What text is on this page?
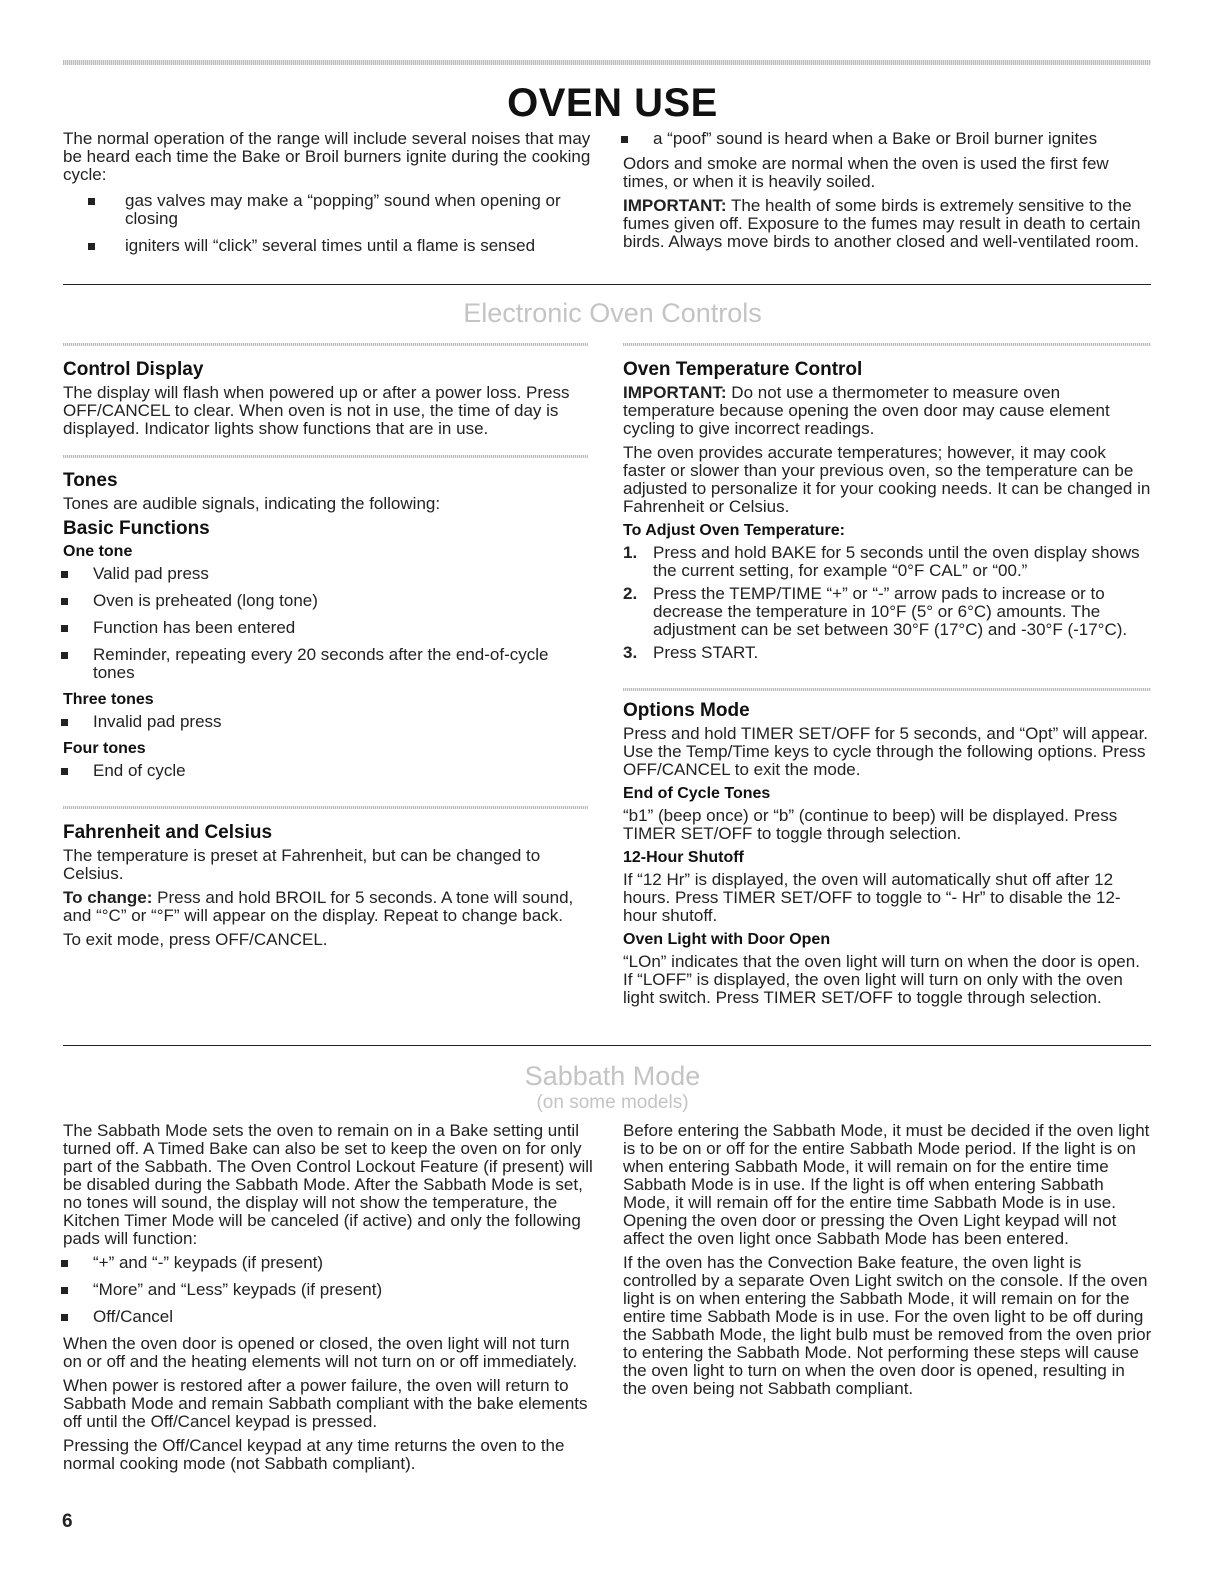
OVEN USE

The normal operation of the range will include several noises that may be heard each time the Bake or Broil burners ignite during the cooking cycle:

gas valves may make a “popping” sound when opening or closing
igniters will “click” several times until a flame is sensed
a “poof” sound is heard when a Bake or Broil burner ignites

Odors and smoke are normal when the oven is used the first few times, or when it is heavily soiled.

IMPORTANT: The health of some birds is extremely sensitive to the fumes given off. Exposure to the fumes may result in death to certain birds. Always move birds to another closed and well-ventilated room.

Electronic Oven Controls
Control Display

The display will flash when powered up or after a power loss. Press OFF/CANCEL to clear. When oven is not in use, the time of day is displayed. Indicator lights show functions that are in use.

Tones

Tones are audible signals, indicating the following:

Basic Functions
One tone
Valid pad press
Oven is preheated (long tone)
Function has been entered
Reminder, repeating every 20 seconds after the end-of-cycle tones
Three tones
Invalid pad press
Four tones
End of cycle
Fahrenheit and Celsius

The temperature is preset at Fahrenheit, but can be changed to Celsius.

To change: Press and hold BROIL for 5 seconds. A tone will sound, and “°C” or “°F” will appear on the display. Repeat to change back.

To exit mode, press OFF/CANCEL.

Oven Temperature Control

IMPORTANT: Do not use a thermometer to measure oven temperature because opening the oven door may cause element cycling to give incorrect readings.

The oven provides accurate temperatures; however, it may cook faster or slower than your previous oven, so the temperature can be adjusted to personalize it for your cooking needs. It can be changed in Fahrenheit or Celsius.

To Adjust Oven Temperature:
1. Press and hold BAKE for 5 seconds until the oven display shows the current setting, for example “0°F CAL” or “00.”
2. Press the TEMP/TIME “+” or “-” arrow pads to increase or to decrease the temperature in 10°F (5° or 6°C) amounts. The adjustment can be set between 30°F (17°C) and -30°F (-17°C).
3. Press START.
Options Mode

Press and hold TIMER SET/OFF for 5 seconds, and “Opt” will appear. Use the Temp/Time keys to cycle through the following options. Press OFF/CANCEL to exit the mode.

End of Cycle Tones

“b1” (beep once) or “b” (continue to beep) will be displayed. Press TIMER SET/OFF to toggle through selection.

12-Hour Shutoff

If “12 Hr” is displayed, the oven will automatically shut off after 12 hours. Press TIMER SET/OFF to toggle to “- Hr” to disable the 12-hour shutoff.

Oven Light with Door Open

“LOn” indicates that the oven light will turn on when the door is open. If “LOFF” is displayed, the oven light will turn on only with the oven light switch. Press TIMER SET/OFF to toggle through selection.

Sabbath Mode
(on some models)

The Sabbath Mode sets the oven to remain on in a Bake setting until turned off. A Timed Bake can also be set to keep the oven on for only part of the Sabbath. The Oven Control Lockout Feature (if present) will be disabled during the Sabbath Mode. After the Sabbath Mode is set, no tones will sound, the display will not show the temperature, the Kitchen Timer Mode will be canceled (if active) and only the following pads will function:

“+” and “-” keypads (if present)
“More” and “Less” keypads (if present)
Off/Cancel

When the oven door is opened or closed, the oven light will not turn on or off and the heating elements will not turn on or off immediately.

When power is restored after a power failure, the oven will return to Sabbath Mode and remain Sabbath compliant with the bake elements off until the Off/Cancel keypad is pressed.

Pressing the Off/Cancel keypad at any time returns the oven to the normal cooking mode (not Sabbath compliant).

Before entering the Sabbath Mode, it must be decided if the oven light is to be on or off for the entire Sabbath Mode period. If the light is on when entering Sabbath Mode, it will remain on for the entire time Sabbath Mode is in use. If the light is off when entering Sabbath Mode, it will remain off for the entire time Sabbath Mode is in use. Opening the oven door or pressing the Oven Light keypad will not affect the oven light once Sabbath Mode has been entered.

If the oven has the Convection Bake feature, the oven light is controlled by a separate Oven Light switch on the console. If the oven light is on when entering the Sabbath Mode, it will remain on for the entire time Sabbath Mode is in use. For the oven light to be off during the Sabbath Mode, the light bulb must be removed from the oven prior to entering the Sabbath Mode. Not performing these steps will cause the oven light to turn on when the oven door is opened, resulting in the oven being not Sabbath compliant.

6
